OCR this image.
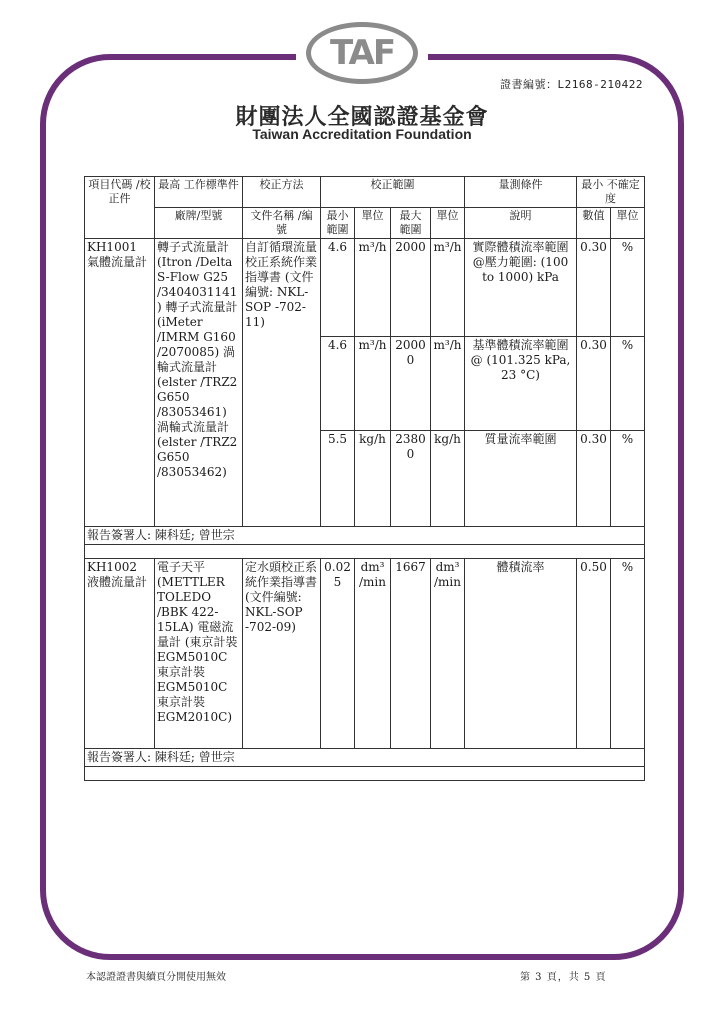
TAF
證書編號：L2168-210422
財團法人全國認證基金會
Taiwan Accreditation Foundation
項目代碼 /校正件	最高 工作標準件	校正方法	校正範圍				量測條件	最小 不確定度	
	廠牌/型號	文件名稱 /編號	最小 範圍	單位	最大 範圍	單位	說明	數值	單位
KH1001 氣體流量計	轉子式流量計 (Itron /Delta S-Flow G25 /3404031141) 轉子式流量計 (iMeter /IMRM G160 /2070085) 渦輪式流量計 (elster /TRZ2 G650 /83053461) 渦輪式流量計 (elster /TRZ2 G650 /83053462)	自訂循環流量校正系統作業指導書 (文件編號: NKL-SOP -702-11)	4.6	m³/h	2000	m³/h	實際體積流率範圍 @壓力範圍: (100 to 1000) kPa	0.30	%
			4.6	m³/h	20000	m³/h	基準體積流率範圍 @ (101.325 kPa, 23 °C)	0.30	%
			5.5	kg/h	23800	kg/h	質量流率範圍	0.30	%
報告簽署人: 陳科廷; 曾世宗									

KH1002 液體流量計	電子天平 (METTLER TOLEDO /BBK 422-15LA) 電磁流量計 (東京計裝 EGM5010C 東京計裝 EGM5010C 東京計裝 EGM2010C)	定水頭校正系統作業指導書 (文件編號: NKL-SOP -702-09)	0.025	dm³ /min	1667	dm³ /min	體積流率	0.50	%
報告簽署人: 陳科廷; 曾世宗									

本認證證書與續頁分開使用無效	第 3 頁，共 5 頁
